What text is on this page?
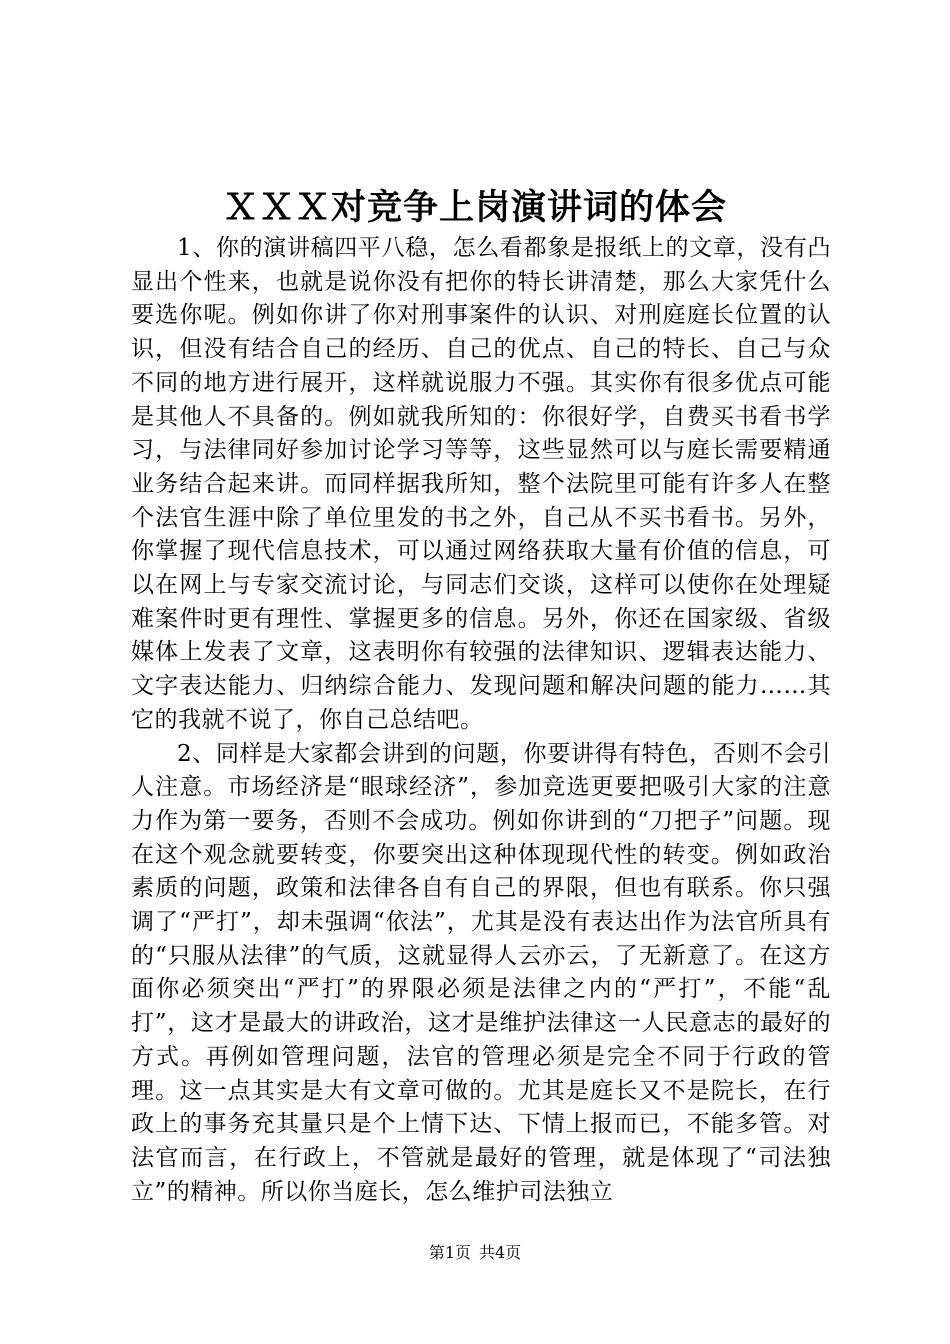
ＸＸＸ对竞争上岗演讲词的体会

1、你的演讲稿四平八稳，怎么看都象是报纸上的文章，没有凸显出个性来，也就是说你没有把你的特长讲清楚，那么大家凭什么要选你呢。例如你讲了你对刑事案件的认识、对刑庭庭长位置的认识，但没有结合自己的经历、自己的优点、自己的特长、自己与众不同的地方进行展开，这样就说服力不强。其实你有很多优点可能是其他人不具备的。例如就我所知的：你很好学，自费买书看书学习，与法律同好参加讨论学习等等，这些显然可以与庭长需要精通业务结合起来讲。而同样据我所知，整个法院里可能有许多人在整个法官生涯中除了单位里发的书之外，自己从不买书看书。另外，你掌握了现代信息技术，可以通过网络获取大量有价值的信息，可以在网上与专家交流讨论，与同志们交谈，这样可以使你在处理疑难案件时更有理性、掌握更多的信息。另外，你还在国家级、省级媒体上发表了文章，这表明你有较强的法律知识、逻辑表达能力、文字表达能力、归纳综合能力、发现问题和解决问题的能力……其它的我就不说了，你自己总结吧。

2、同样是大家都会讲到的问题，你要讲得有特色，否则不会引人注意。市场经济是“眼球经济”，参加竞选更要把吸引大家的注意力作为第一要务，否则不会成功。例如你讲到的“刀把子”问题。现在这个观念就要转变，你要突出这种体现现代性的转变。例如政治素质的问题，政策和法律各自有自己的界限，但也有联系。你只强调了“严打”，却未强调“依法”，尤其是没有表达出作为法官所具有的“只服从法律”的气质，这就显得人云亦云，了无新意了。在这方面你必须突出“严打”的界限必须是法律之内的“严打”，不能“乱打”，这才是最大的讲政治，这才是维护法律这一人民意志的最好的方式。再例如管理问题，法官的管理必须是完全不同于行政的管理。这一点其实是大有文章可做的。尤其是庭长又不是院长，在行政上的事务充其量只是个上情下达、下情上报而已，不能多管。对法官而言，在行政上，不管就是最好的管理，就是体现了“司法独立”的精神。所以你当庭长，怎么维护司法独立

第1页 共4页
